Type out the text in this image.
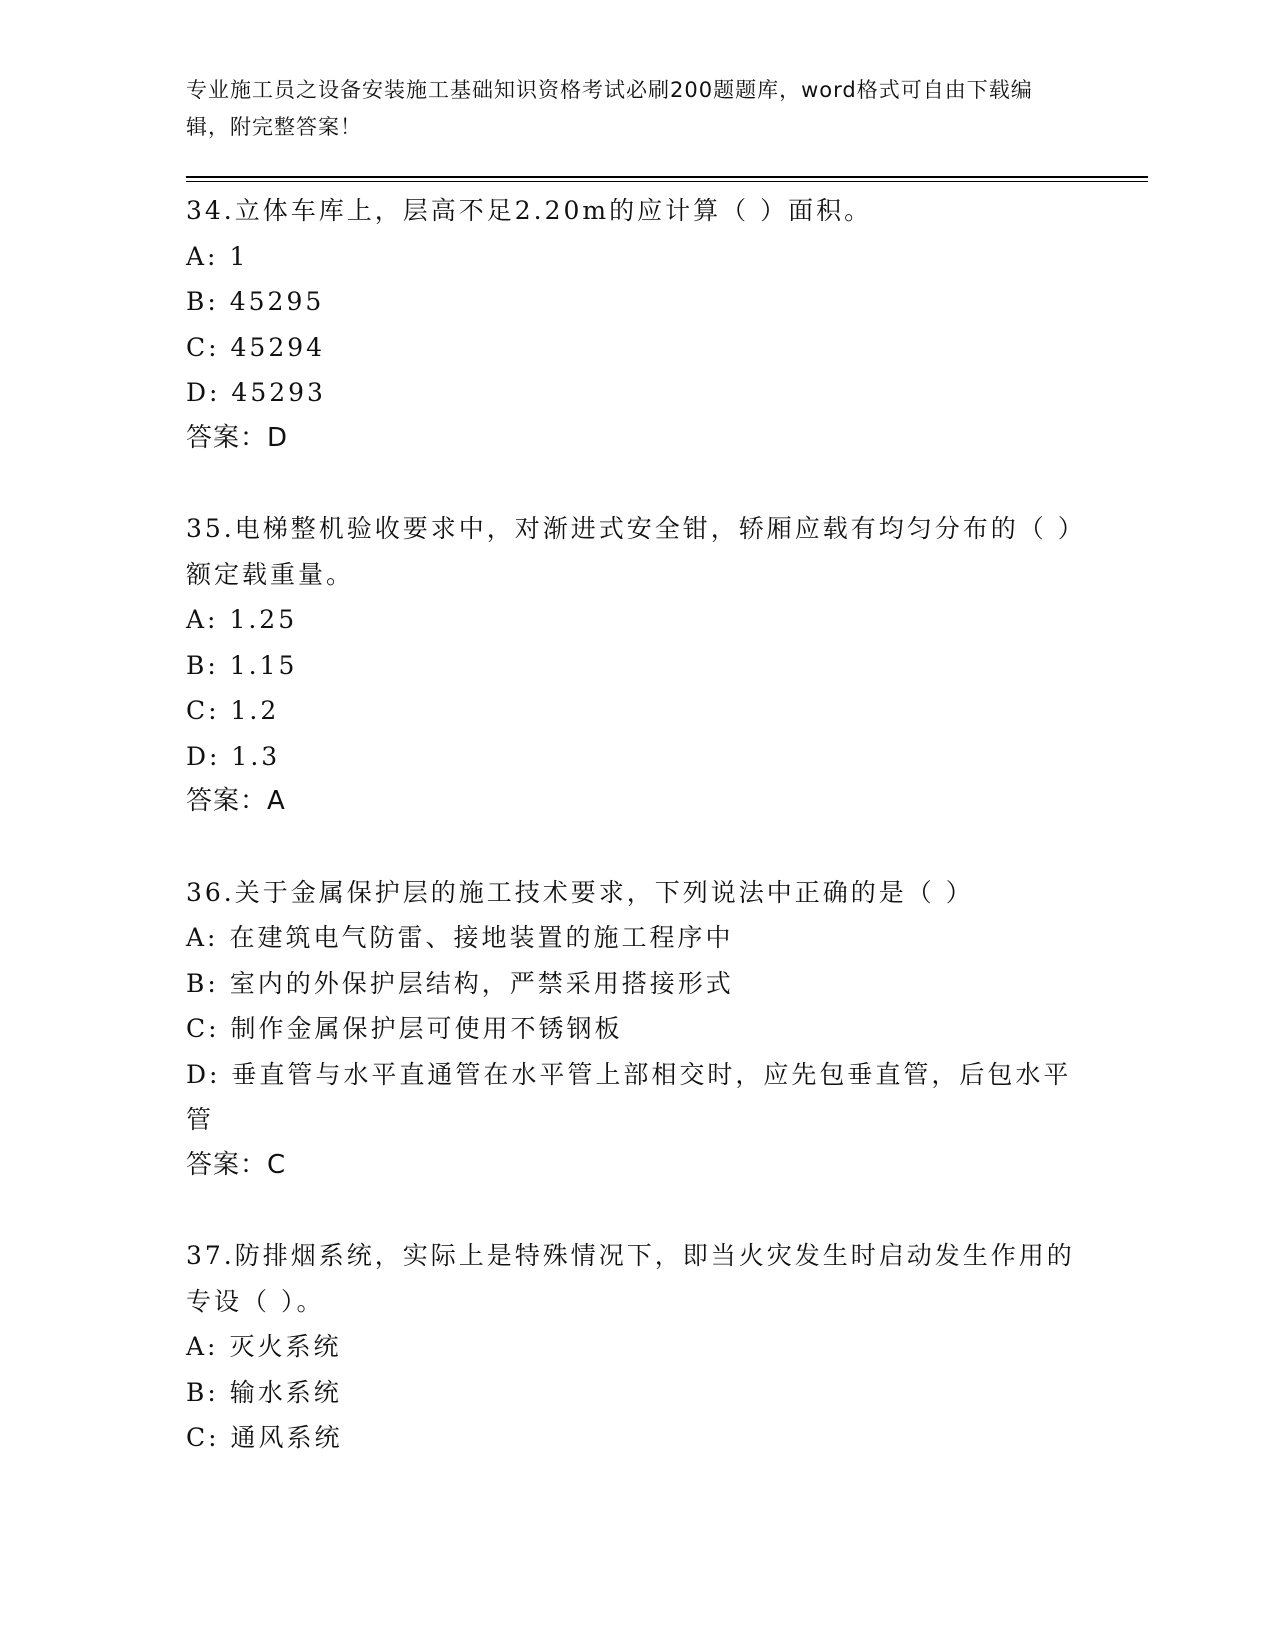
专业施工员之设备安装施工基础知识资格考试必刷200题题库，word格式可自由下载编辑，附完整答案！
34.立体车库上，层高不足2.20m的应计算（ ）面积。
A: 1
B: 45295
C: 45294
D: 45293
答案：D
35.电梯整机验收要求中，对渐进式安全钳，轿厢应载有均匀分布的（ ）额定载重量。
A: 1.25
B: 1.15
C: 1.2
D: 1.3
答案：A
36.关于金属保护层的施工技术要求，下列说法中正确的是（ ）
A: 在建筑电气防雷、接地装置的施工程序中
B: 室内的外保护层结构，严禁采用搭接形式
C: 制作金属保护层可使用不锈钢板
D: 垂直管与水平直通管在水平管上部相交时，应先包垂直管，后包水平管
答案：C
37.防排烟系统，实际上是特殊情况下，即当火灾发生时启动发生作用的专设（ ）。
A: 灭火系统
B: 输水系统
C: 通风系统
